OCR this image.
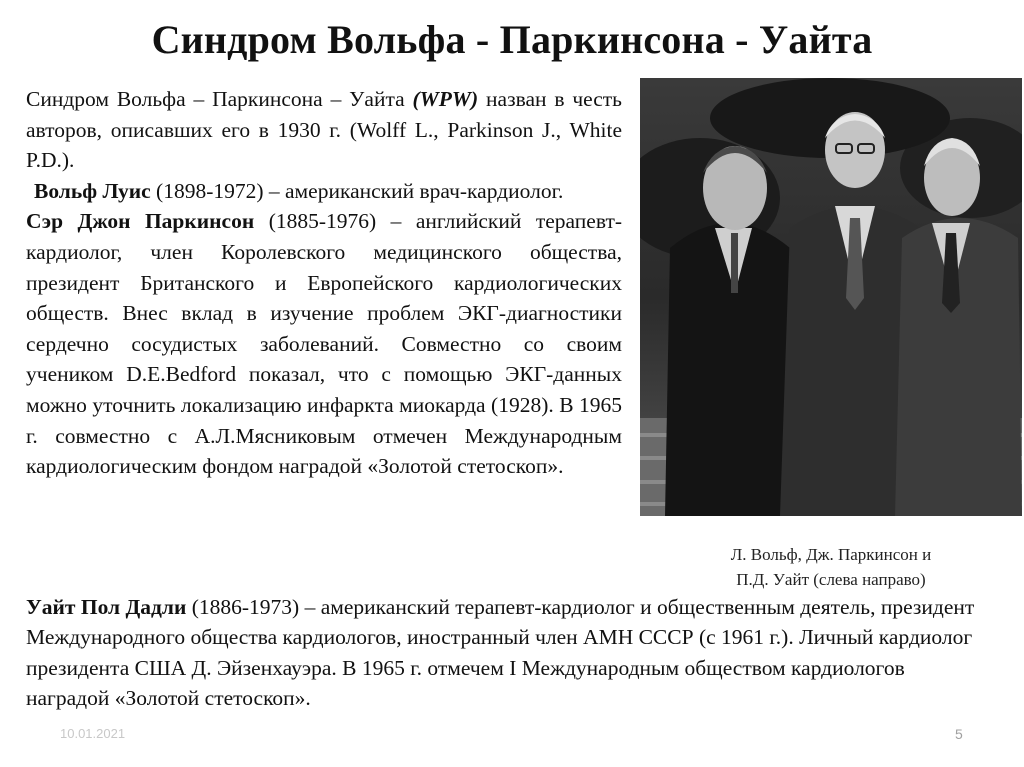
Синдром Вольфа - Паркинсона - Уайта

Синдром Вольфа – Паркинсона – Уайта (WPW) назван в честь авторов, описавших его в 1930 г. (Wolff L., Parkinson J., White P.D.).

Вольф Луис (1898-1972) – американский врач-кардиолог.

Сэр Джон Паркинсон (1885-1976) – английский терапевт-кардиолог, член Королевского медицинского общества, президент Британского и Европейского кардиологических обществ. Внес вклад в изучение проблем ЭКГ-диагностики сердечно сосудистых заболеваний. Совместно со своим учеником D.E.Bedford показал, что с помощью ЭКГ-данных можно уточнить локализацию инфаркта миокарда (1928). В 1965 г. совместно с А.Л.Мясниковым отмечен Международным кардиологическим фондом наградой «Золотой стетоскоп».

Л. Вольф, Дж. Паркинсон и
П.Д. Уайт (слева направо)

Уайт Пол Дадли (1886-1973) – американский терапевт-кардиолог и общественным деятель, президент Международного общества кардиологов, иностранный член АМН СССР (с 1961 г.). Личный кардиолог президента США Д. Эйзенхауэра. В 1965 г. отмечем I Международным обществом кардиологов наградой «Золотой стетоскоп».

10.01.2021	5
